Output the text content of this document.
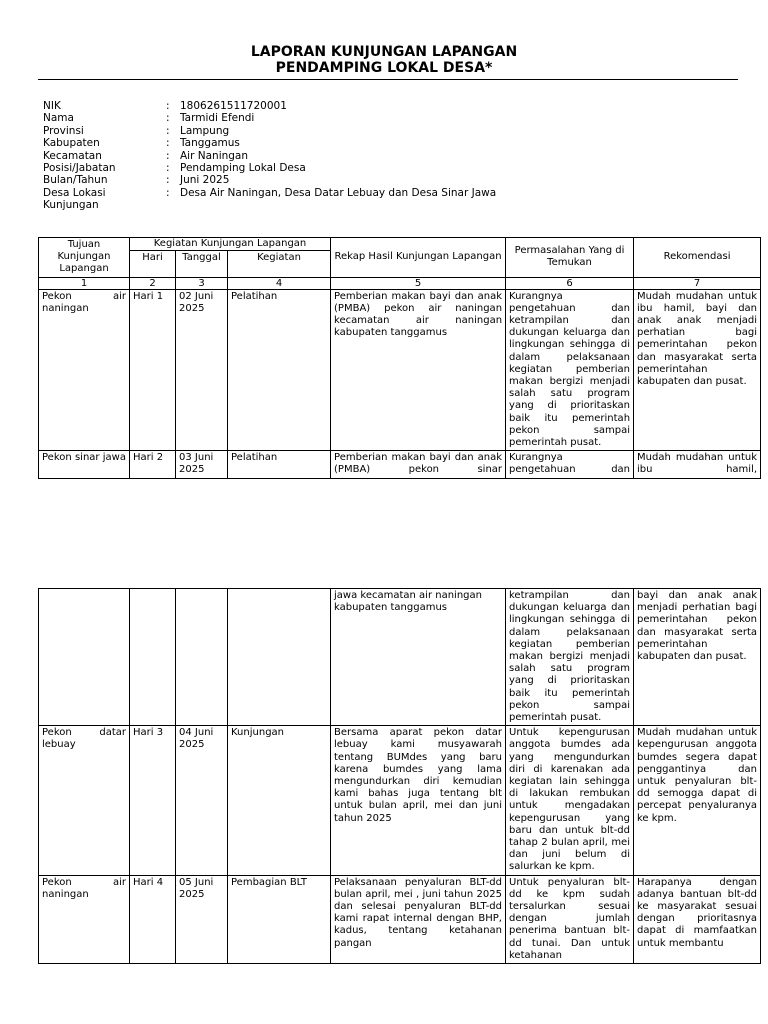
LAPORAN KUNJUNGAN LAPANGAN
PENDAMPING LOKAL DESA*
NIK	: 1806261511720001
Nama	: Tarmidi Efendi
Provinsi	: Lampung
Kabupaten	: Tanggamus
Kecamatan	: Air Naningan
Posisi/Jabatan	: Pendamping Lokal Desa
Bulan/Tahun	: Juni 2025
Desa Lokasi	: Desa Air Naningan, Desa Datar Lebuay dan Desa Sinar Jawa
Kunjungan
Tujuan Kunjungan Lapangan	Kegiatan Kunjungan Lapangan			Rekap Hasil Kunjungan Lapangan	Permasalahan Yang di Temukan	Rekomendasi
	Hari	Tanggal	Kegiatan			
1	2	3	4	5	6	7
Pekon air naningan	Hari 1	02 Juni 2025	Pelatihan	Pemberian makan bayi dan anak (PMBA) pekon air naningan kecamatan air naningan kabupaten tanggamus	Kurangnya pengetahuan dan ketrampilan dan dukungan keluarga dan lingkungan sehingga di dalam pelaksanaan kegiatan pemberian makan bergizi menjadi salah satu program yang di prioritaskan baik itu pemerintah pekon sampai pemerintah pusat.	Mudah mudahan untuk ibu hamil, bayi dan anak anak menjadi perhatian bagi pemerintahan pekon dan masyarakat serta pemerintahan kabupaten dan pusat.
Pekon sinar jawa	Hari 2	03 Juni 2025	Pelatihan	Pemberian makan bayi dan anak (PMBA) pekon sinar	Kurangnya pengetahuan dan	Mudah mudahan untuk ibu hamil,
				jawa kecamatan air naningan kabupaten tanggamus	ketrampilan dan dukungan keluarga dan lingkungan sehingga di dalam pelaksanaan kegiatan pemberian makan bergizi menjadi salah satu program yang di prioritaskan baik itu pemerintah pekon sampai pemerintah pusat.	bayi dan anak anak menjadi perhatian bagi pemerintahan pekon dan masyarakat serta pemerintahan kabupaten dan pusat.
Pekon datar lebuay	Hari 3	04 Juni 2025	Kunjungan	Bersama aparat pekon datar lebuay kami musyawarah tentang BUMdes yang baru karena bumdes yang lama mengundurkan diri kemudian kami bahas juga tentang blt untuk bulan april, mei dan juni tahun 2025	Untuk kepengurusan anggota bumdes ada yang mengundurkan diri di karenakan ada kegiatan lain sehingga di lakukan rembukan untuk mengadakan kepengurusan yang baru dan untuk blt-dd tahap 2 bulan april, mei dan juni belum di salurkan ke kpm.	Mudah mudahan untuk kepengurusan anggota bumdes segera dapat penggantinya dan untuk penyaluran blt-dd semogga dapat di percepat penyaluranya ke kpm.
Pekon air naningan	Hari 4	05 Juni 2025	Pembagian BLT	Pelaksanaan penyaluran BLT-dd bulan april, mei , juni tahun 2025 dan selesai penyaluran BLT-dd kami rapat internal dengan BHP, kadus, tentang ketahanan pangan	Untuk penyaluran blt-dd ke kpm sudah tersalurkan sesuai dengan jumlah penerima bantuan blt-dd tunai. Dan untuk ketahanan	Harapanya dengan adanya bantuan blt-dd ke masyarakat sesuai dengan prioritasnya dapat di mamfaatkan untuk membantu
